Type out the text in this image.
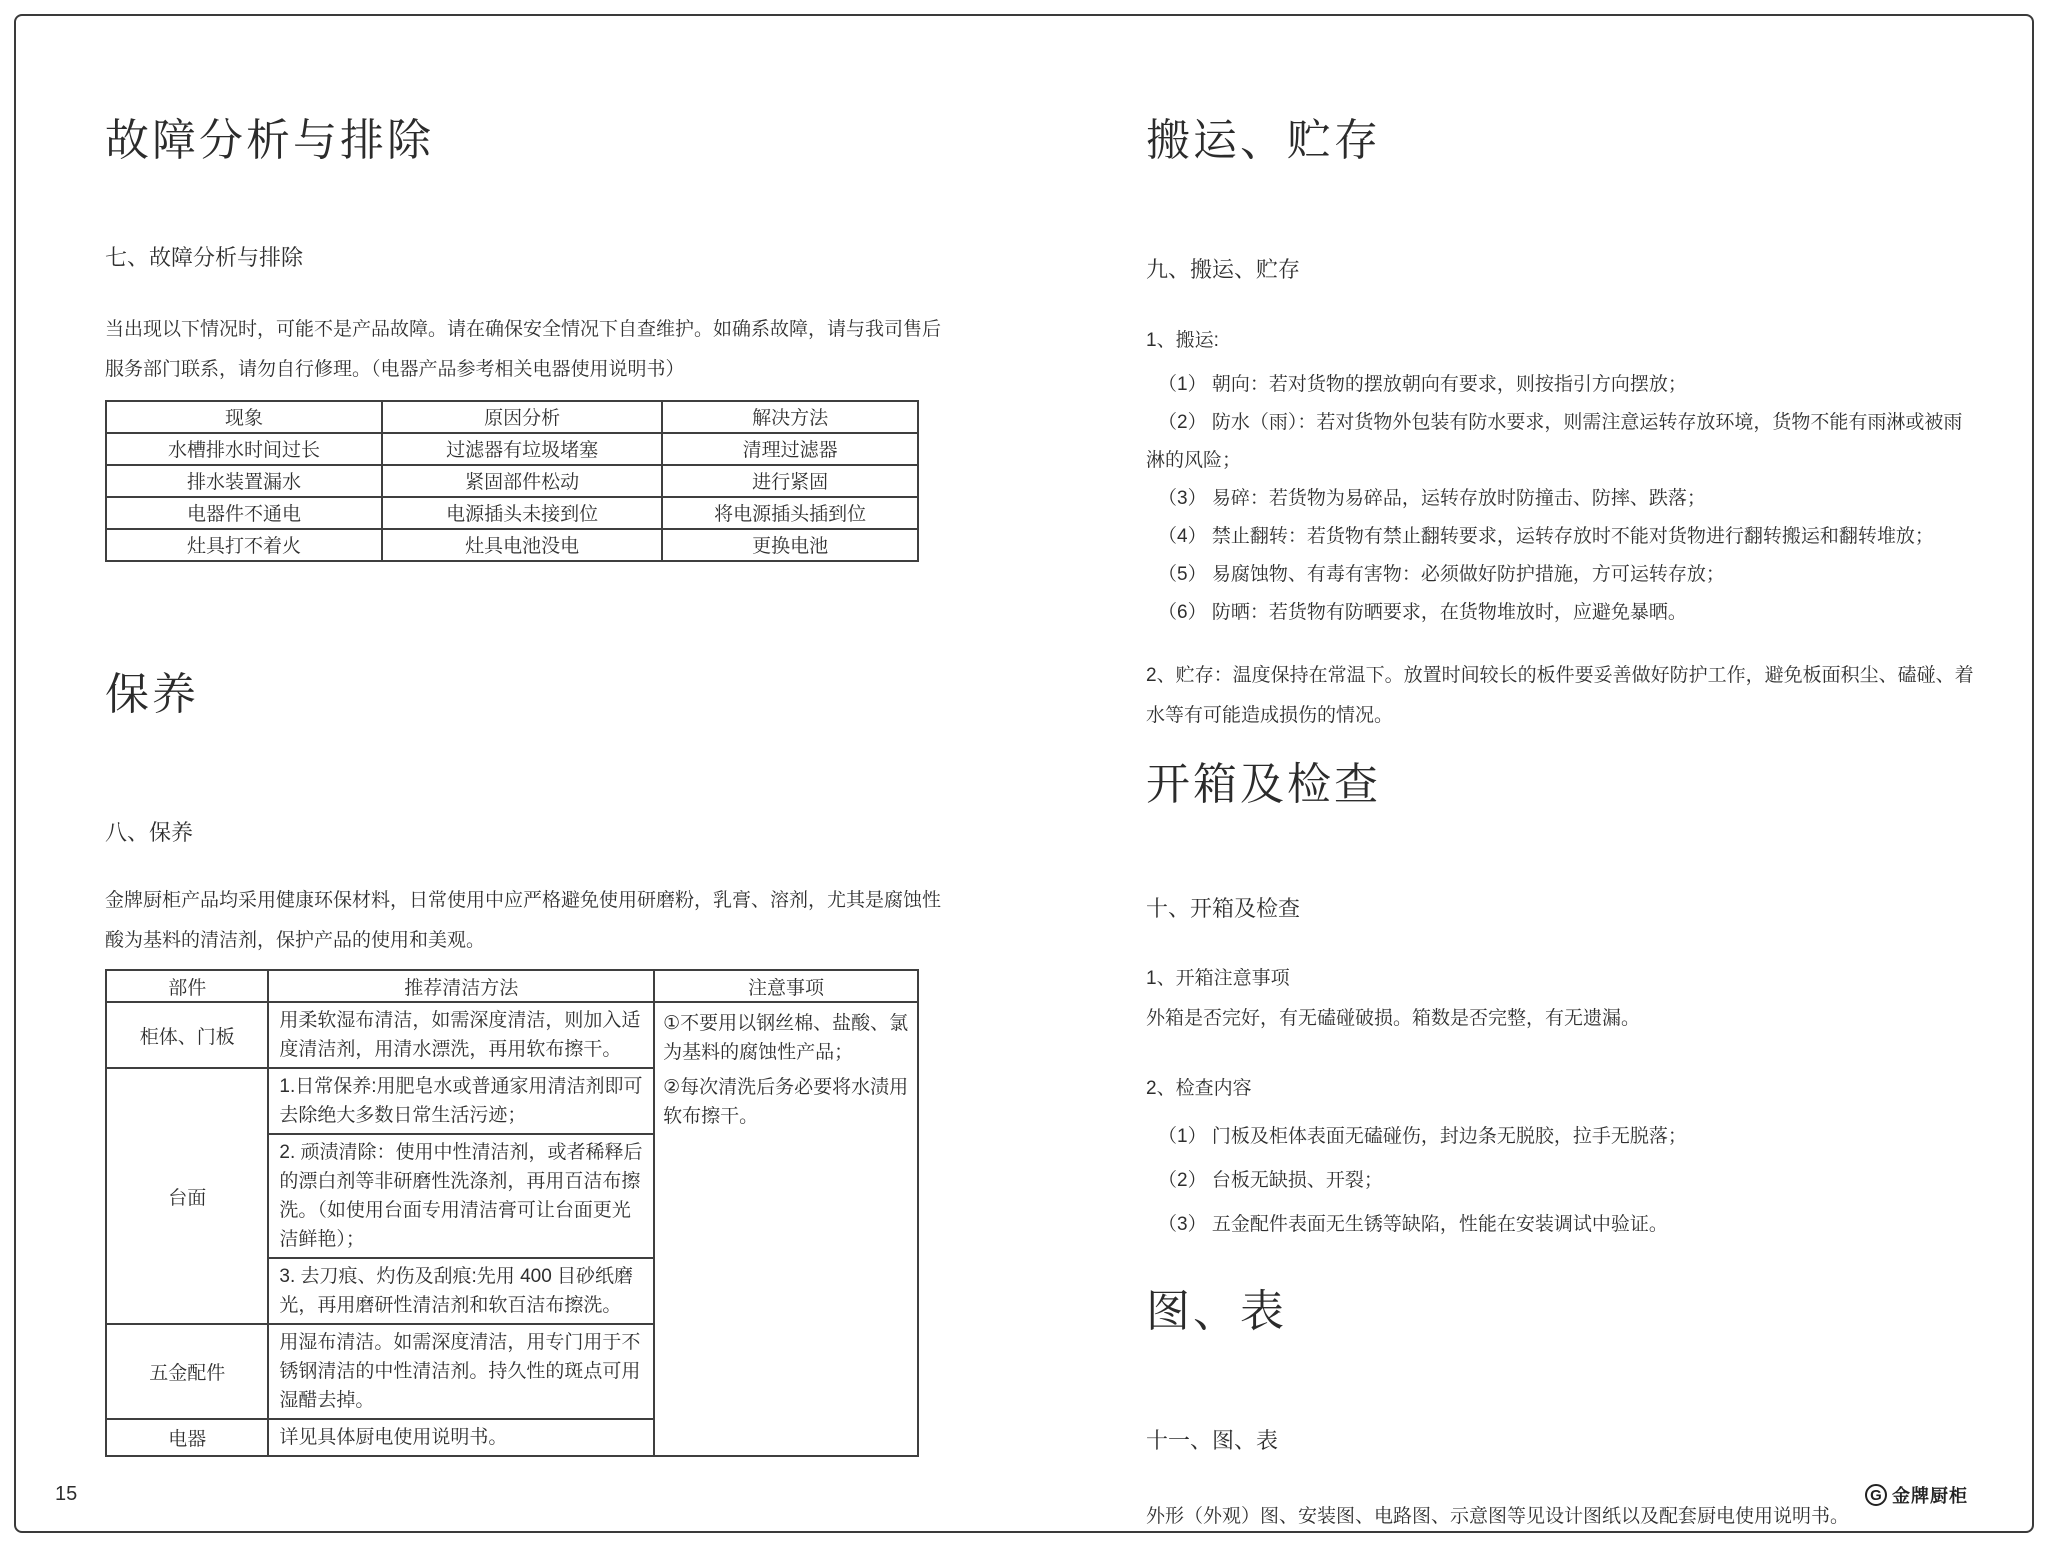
故障分析与排除
七、故障分析与排除

当出现以下情况时，可能不是产品故障。请在确保安全情况下自查维护。如确系故障，请与我司售后服务部门联系，请勿自行修理。（电器产品参考相关电器使用说明书）

现象	原因分析	解决方法
水槽排水时间过长	过滤器有垃圾堵塞	清理过滤器
排水装置漏水	紧固部件松动	进行紧固
电器件不通电	电源插头未接到位	将电源插头插到位
灶具打不着火	灶具电池没电	更换电池
保养
八、保养

金牌厨柜产品均采用健康环保材料，日常使用中应严格避免使用研磨粉，乳膏、溶剂，尤其是腐蚀性酸为基料的清洁剂，保护产品的使用和美观。

部件	推荐清洁方法	注意事项
柜体、门板	用柔软湿布清洁，如需深度清洁，则加入适度清洁剂，用清水漂洗，再用软布擦干。	①不要用以钢丝棉、盐酸、氯为基料的腐蚀性产品；

②每次清洗后务必要将水渍用软布擦干。

台面	1.日常保养:用肥皂水或普通家用清洁剂即可去除绝大多数日常生活污迹；	
	2. 顽渍清除：使用中性清洁剂，或者稀释后的漂白剂等非研磨性洗涤剂，再用百洁布擦洗。（如使用台面专用清洁膏可让台面更光洁鲜艳）；	
	3. 去刀痕、灼伤及刮痕:先用 400 目砂纸磨光，再用磨研性清洁剂和软百洁布擦洗。	
五金配件	用湿布清洁。如需深度清洁，用专门用于不锈钢清洁的中性清洁剂。持久性的斑点可用湿醋去掉。	
电器	详见具体厨电使用说明书。	
搬运、贮存
九、搬运、贮存

1、搬运:

（1） 朝向：若对货物的摆放朝向有要求，则按指引方向摆放；

（2） 防水（雨）：若对货物外包装有防水要求，则需注意运转存放环境，货物不能有雨淋或被雨淋的风险；

（3） 易碎：若货物为易碎品，运转存放时防撞击、防摔、跌落；

（4） 禁止翻转：若货物有禁止翻转要求，运转存放时不能对货物进行翻转搬运和翻转堆放；

（5） 易腐蚀物、有毒有害物：必须做好防护措施，方可运转存放；

（6） 防晒：若货物有防晒要求，在货物堆放时，应避免暴晒。

2、贮存：温度保持在常温下。放置时间较长的板件要妥善做好防护工作，避免板面积尘、磕碰、着水等有可能造成损伤的情况。

开箱及检查
十、开箱及检查

1、开箱注意事项

外箱是否完好，有无磕碰破损。箱数是否完整，有无遗漏。

2、检查内容

（1） 门板及柜体表面无磕碰伤，封边条无脱胶，拉手无脱落；

（2） 台板无缺损、开裂；

（3） 五金配件表面无生锈等缺陷，性能在安装调试中验证。

图、表
十一、图、表

外形（外观）图、安装图、电路图、示意图等见设计图纸以及配套厨电使用说明书。

15	G 金牌厨柜
